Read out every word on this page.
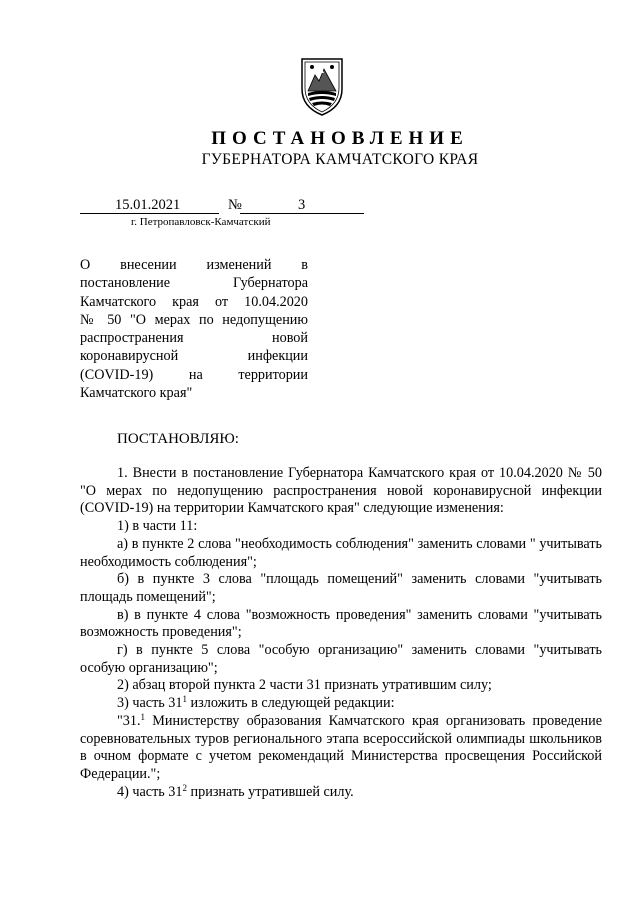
ПОСТАНОВЛЕНИЕ
ГУБЕРНАТОРА КАМЧАТСКОГО КРАЯ
15.01.2021	№	3
г. Петропавловск-Камчатский
О внесении изменений в
постановление Губернатора
Камчатского края от 10.04.2020
№ 50 "О мерах по недопущению
распространения новой
коронавирусной инфекции
(COVID-19) на территории
Камчатского края"
ПОСТАНОВЛЯЮ:

1. Внести в постановление Губернатора Камчатского края от 10.04.2020 № 50 "О мерах по недопущению распространения новой коронавирусной инфекции (COVID-19) на территории Камчатского края" следующие изменения:

1) в части 11:

а) в пункте 2 слова "необходимость соблюдения" заменить словами " учитывать необходимость соблюдения";

б) в пункте 3 слова "площадь помещений" заменить словами "учитывать площадь помещений";

в) в пункте 4 слова "возможность проведения" заменить словами "учитывать возможность проведения";

г) в пункте 5 слова "особую организацию" заменить словами "учитывать особую организацию";

2) абзац второй пункта 2 части 31 признать утратившим силу;

3) часть $31^1$ изложить в следующей редакции:

"31.$^1$ Министерству образования Камчатского края организовать проведение соревновательных туров регионального этапа всероссийской олимпиады школьников в очном формате с учетом рекомендаций Министерства просвещения Российской Федерации.";

4) часть $31^2$ признать утратившей силу.
